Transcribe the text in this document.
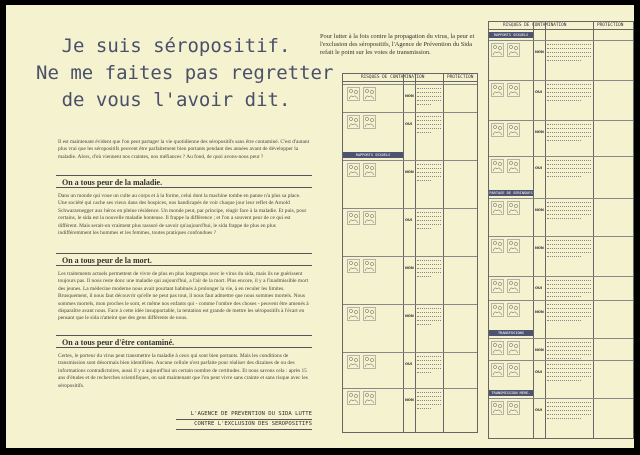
Je suis séropositif.
Ne me faites pas regretter
de vous l'avoir dit.

Il est maintenant évident que l'on peut partager la vie quotidienne des séropositifs sans être contaminé. C'est d'autant plus vrai que les séropositifs peuvent être parfaitement bien portants pendant des années avant de développer la maladie. Alors, d'où viennent nos craintes, nos méfiances ? Au fond, de quoi avons-nous peur ?

On a tous peur de la maladie.

Dans un monde qui voue un culte au corps et à la forme, celui dont la machine tombe en panne n'a plus sa place. Une société qui cache ses vieux dans des hospices, nos handicapés de voir chaque jour leur reflet de Arnold Schwarzenegger aux héros en pleine résidence. Un monde peut, par principe, réagir face à la maladie. Et puis, pour certains, le sida est la nouvelle maladie honteuse. Il frappe la différence ; et l'on a souvent peur de ce qui est différent. Mais serait-on vraiment plus rassuré de savoir qu'aujourd'hui, le sida frappe de plus en plus indifféremment les hommes et les femmes, toutes pratiques confondues ?

On a tous peur de la mort.

Les traitements actuels permettent de vivre de plus en plus longtemps avec le virus du sida, mais ils ne guérissent toujours pas. Il nous reste donc une maladie qui aujourd'hui, a l'air de la mort. Plus encore, il y a l'inadmissible mort des jeunes. La médecine moderne nous avait pourtant habitués à prolonger la vie, à en reculer les limites. Brusquement, il nous faut découvrir qu'elle ne peut pas tout, il nous faut admettre que nous sommes mortels. Nous sommes mortels, mon proches le sont, et même nos enfants qui - comme l'ombre des choses - peuvent être amenés à disparaître avant nous. Face à cette idée insupportable, la tentation est grande de mettre les séropositifs à l'écart en pensant que le sida n'atteint que des gens différents de nous.

On a tous peur d'être contaminé.

Certes, le porteur du virus peut transmettre la maladie à ceux qui sont bien portants. Mais les conditions de transmission sont désormais bien identifiées. Aucune cellule n'est parfaite pour réaliser des dizaines de ou des informations contradictoires, aussi il y a aujourd'hui un certain nombre de certitudes. Et nous savons cela : après 15 ans d'études et de recherches scientifiques, on sait maintenant que l'on peut vivre sans crainte et sans risque avec les séropositifs.

L'AGENCE DE PREVENTION DU SIDA LUTTE
CONTRE L'EXCLUSION DES SEROPOSITIFS
Pour lutter à la fois contre la propagation du virus, la peur et l'exclusion des séropositifs, l'Agence de Prévention du Sida refait le point sur les voies de transmission.
RISQUES DE CONTAMINATION	PROTECTION
RAPPORTS SEXUELS
NON
OUI
NON
OUI
NON
NON
OUI
NON
RISQUES DE CONTAMINATION	PROTECTION
RAPPORTS SEXUELS
PARTAGE DE SERINGUES
TRANSFUSIONS SANGUINES
TRANSMISSION MERE-ENFANT
NON
OUI
NON
OUI
NON
NON
OUI
NON
NON
OUI
OUI
